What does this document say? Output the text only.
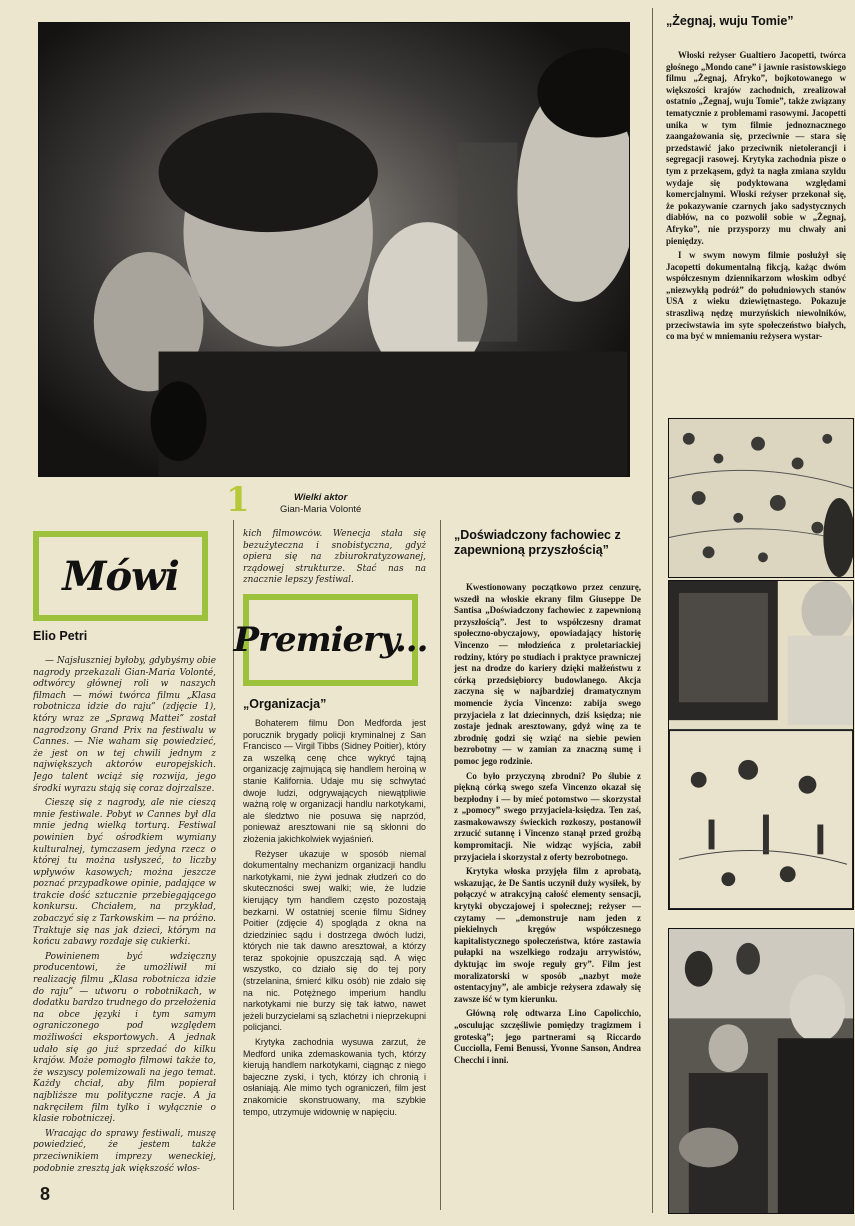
1	Wielki aktor
Gian-Maria Volonté
Mówi
Elio Petri

— Najsłuszniej byłoby, gdybyśmy obie nagrody przekazali Gian-Maria Volonté, odtwórcy głównej roli w naszych filmach — mówi twórca filmu „Klasa robotnicza idzie do raju” (zdjęcie 1), który wraz ze „Sprawą Mattei” został nagrodzony Grand Prix na festiwalu w Cannes. — Nie waham się powiedzieć, że jest on w tej chwili jednym z największych aktorów europejskich. Jego talent wciąż się rozwija, jego środki wyrazu stają się coraz dojrzalsze.

Cieszę się z nagrody, ale nie cieszą mnie festiwale. Pobyt w Cannes był dla mnie jedną wielką torturą. Festiwal powinien być ośrodkiem wymiany kulturalnej, tymczasem jedyna rzecz o której tu można usłyszeć, to liczby wpływów kasowych; można jeszcze poznać przypadkowe opinie, padające w trakcie dość sztucznie przebiegającego konkursu. Chciałem, na przykład, zobaczyć się z Tarkowskim — na próżno. Traktuje się nas jak dzieci, którym na końcu zabawy rozdaje się cukierki.

Powinienem być wdzięczny producentowi, że umożliwił mi realizację filmu „Klasa robotnicza idzie do raju” — utworu o robotnikach, w dodatku bardzo trudnego do przełożenia na obce języki i tym samym ograniczonego pod względem możliwości eksportowych. A jednak udało się go już sprzedać do kilku krajów. Może pomogło filmowi także to, że wszyscy polemizowali na jego temat. Każdy chciał, aby film popierał najbliższe mu polityczne racje. A ja nakręciłem film tylko i wyłącznie o klasie robotniczej.

Wracając do sprawy festiwali, muszę powiedzieć, że jestem także przeciwnikiem imprezy weneckiej, podobnie zresztą jak większość włos-

kich filmowców. Wenecja stała się bezużyteczna i snobistyczna, gdyż opiera się na zbiurokratyzowanej, rządowej strukturze. Stać nas na znacznie lepszy festiwal.

Premiery...
„Organizacja”

Bohaterem filmu Don Medforda jest porucznik brygady policji kryminalnej z San Francisco — Virgil Tibbs (Sidney Poitier), który za wszelką cenę chce wykryć tajną organizację zajmującą się handlem heroiną w stanie Kalifornia. Udaje mu się schwytać dwoje ludzi, odgrywających niewątpliwie ważną rolę w organizacji handlu narkotykami, ale śledztwo nie posuwa się naprzód, ponieważ aresztowani nie są skłonni do złożenia jakichkolwiek wyjaśnień.

Reżyser ukazuje w sposób niemal dokumentalny mechanizm organizacji handlu narkotykami, nie żywi jednak złudzeń co do skuteczności swej walki; wie, że ludzie kierujący tym handlem często pozostają bezkarni. W ostatniej scenie filmu Sidney Poitier (zdjęcie 4) spogląda z okna na dziedziniec sądu i dostrzega dwóch ludzi, których nie tak dawno aresztował, a którzy teraz spokojnie opuszczają sąd. A więc wszystko, co działo się do tej pory (strzelanina, śmierć kilku osób) nie zdało się na nic. Potężnego imperium handlu narkotykami nie burzy się tak łatwo, nawet jeżeli burzycielami są szlachetni i nieprzekupni policjanci.

Krytyka zachodnia wysuwa zarzut, że Medford unika zdemaskowania tych, którzy kierują handlem narkotykami, ciągnąc z niego bajeczne zyski, i tych, którzy ich chronią i osłaniają. Ale mimo tych ograniczeń, film jest znakomicie skonstruowany, ma szybkie tempo, utrzymuje widownię w napięciu.

„Doświadczony fachowiec z zapewnioną przyszłością”

Kwestionowany początkowo przez cenzurę, wszedł na włoskie ekrany film Giuseppe De Santisa „Doświadczony fachowiec z zapewnioną przyszłością”. Jest to współczesny dramat społeczno-obyczajowy, opowiadający historię Vincenzo — młodzieńca z proletariackiej rodziny, który po studiach i praktyce prawniczej jest na drodze do kariery dzięki małżeństwu z córką przedsiębiorcy budowlanego. Akcja zaczyna się w najbardziej dramatycznym momencie życia Vincenzo: zabija swego przyjaciela z lat dziecinnych, dziś księdza; nie zostaje jednak aresztowany, gdyż winę za te zbrodnię godzi się wziąć na siebie pewien bezrobotny — w zamian za znaczną sumę i pomoc jego rodzinie.

Co było przyczyną zbrodni? Po ślubie z piękną córką swego szefa Vincenzo okazał się bezpłodny i — by mieć potomstwo — skorzystał z „pomocy” swego przyjaciela-księdza. Ten zaś, zasmakowawszy świeckich rozkoszy, postanowił zrzucić sutannę i Vincenzo stanął przed groźbą kompromitacji. Nie widząc wyjścia, zabił przyjaciela i skorzystał z oferty bezrobotnego.

Krytyka włoska przyjęła film z aprobatą, wskazując, że De Santis uczynił duży wysiłek, by połączyć w atrakcyjną całość elementy sensacji, krytyki obyczajowej i społecznej; reżyser — czytamy — „demonstruje nam jeden z piekielnych kręgów współczesnego kapitalistycznego społeczeństwa, które zastawia pułapki na wszelkiego rodzaju arrywistów, dyktując im swoje reguły gry”. Film jest moralizatorski w sposób „nazbyt może ostentacyjny”, ale ambicje reżysera zdawały się zawsze iść w tym kierunku.

Główną rolę odtwarza Lino Capolicchio, „osculując szczęśliwie pomiędzy tragizmem i groteską”; jego partnerami są Riccardo Cucciolla, Femi Benussi, Yvonne Sanson, Andrea Checchi i inni.

„Żegnaj, wuju Tomie”

Włoski reżyser Gualtiero Jacopetti, twórca głośnego „Mondo cane” i jawnie rasistowskiego filmu „Żegnaj, Afryko”, bojkotowanego w większości krajów zachodnich, zrealizował ostatnio „Żegnaj, wuju Tomie”, także związany tematycznie z problemami rasowymi. Jacopetti unika w tym filmie jednoznacznego zaangażowania się, przeciwnie — stara się przedstawić jako przeciwnik nietolerancji i segregacji rasowej. Krytyka zachodnia pisze o tym z przekąsem, gdyż ta nagła zmiana szyldu wydaje się podyktowana względami komercjalnymi. Włoski reżyser przekonał się, że pokazywanie czarnych jako sadystycznych diabłów, na co pozwolił sobie w „Żegnaj, Afryko”, nie przysporzy mu chwały ani pieniędzy.

I w swym nowym filmie posłużył się Jacopetti dokumentalną fikcją, każąc dwóm współczesnym dziennikarzom włoskim odbyć „niezwykłą podróż” do południowych stanów USA z wieku dziewiętnastego. Pokazuje straszliwą nędzę murzyńskich niewolników, przeciwstawia im syte społeczeństwo białych, co ma być w mniemaniu reżysera wystar-

8
